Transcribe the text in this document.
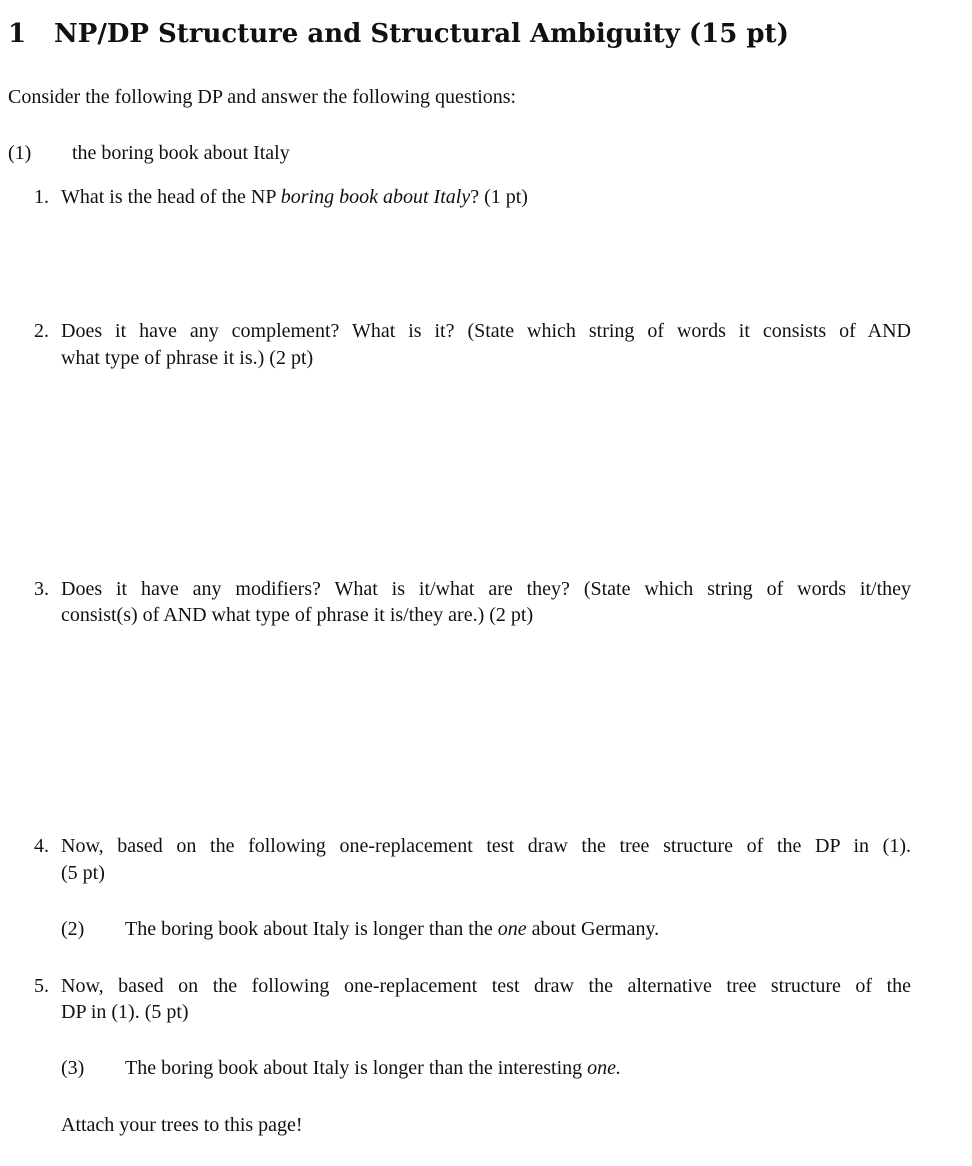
1 NP/DP Structure and Structural Ambiguity (15 pt)
Consider the following DP and answer the following questions:
(1) the boring book about Italy
1. What is the head of the NP boring book about Italy? (1 pt)
2. Does it have any complement? What is it? (State which string of words it consists of AND
what type of phrase it is.) (2 pt)
3. Does it have any modifiers? What is it/what are they? (State which string of words it/they
consist(s) of AND what type of phrase it is/they are.) (2 pt)
4. Now, based on the following one-replacement test draw the tree structure of the DP in (1).
(5 pt)
(2) The boring book about Italy is longer than the one about Germany.
5. Now, based on the following one-replacement test draw the alternative tree structure of the
DP in (1). (5 pt)
(3) The boring book about Italy is longer than the interesting one.
Attach your trees to this page!
